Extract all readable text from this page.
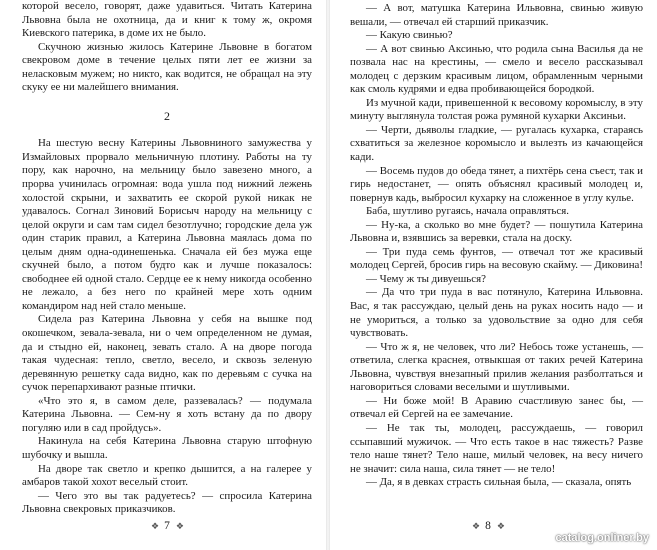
которой весело, говорят, даже удавиться. Читать Катерина Львовна была не охотница, да и книг к тому ж, окромя Киевского патерика, в доме их не было.

Скучною жизнью жилось Катерине Львовне в богатом свекровом доме в течение целых пяти лет ее жизни за неласковым мужем; но никто, как водится, не обращал на эту скуку ее ни малейшего внимания.

2

На шестую весну Катерины Львовниного замужества у Измайловых прорвало мельничную плотину. Работы на ту пору, как нарочно, на мельницу было завезено много, а прорва учинилась огромная: вода ушла под нижний лежень холостой скрыни, и захватить ее скорой рукой никак не удавалось. Согнал Зиновий Борисыч народу на мельницу с целой округи и сам там сидел безотлучно; городские дела уж один старик правил, а Катерина Львовна маялась дома по целым дням одна-одинешенька. Сначала ей без мужа еще скучней было, а потом будто как и лучше показалось: свободнее ей одной стало. Сердце ее к нему никогда особенно не лежало, а без него по крайней мере хоть одним командиром над ней стало меньше.

Сидела раз Катерина Львовна у себя на вышке под окошечком, зевала-зевала, ни о чем определенном не думая, да и стыдно ей, наконец, зевать стало. А на дворе погода такая чудесная: тепло, светло, весело, и сквозь зеленую деревянную решетку сада видно, как по деревьям с сучка на сучок перепархивают разные птички.

«Что это я, в самом деле, раззевалась? — подумала Катерина Львовна. — Сем-ну я хоть встану да по двору погуляю или в сад пройдусь».

Накинула на себя Катерина Львовна старую штофную шубочку и вышла.

На дворе так светло и крепко дышится, а на галерее у амбаров такой хохот веселый стоит.

— Чего это вы так радуетесь? — спросила Катерина Львовна свекровых приказчиков.

❖ 7 ❖

— А вот, матушка Катерина Ильвовна, свинью живую вешали, — отвечал ей старший приказчик.

— Какую свинью?

— А вот свинью Аксинью, что родила сына Василья да не позвала нас на крестины, — смело и весело рассказывал молодец с дерзким красивым лицом, обрамленным черными как смоль кудрями и едва пробивающейся бородкой.

Из мучной кади, привешенной к весовому коромыслу, в эту минуту выглянула толстая рожа румяной кухарки Аксиньи.

— Черти, дьяволы гладкие, — ругалась кухарка, стараясь схватиться за железное коромысло и вылезть из качающейся кади.

— Восемь пудов до обеда тянет, а пихтёрь сена съест, так и гирь недостанет, — опять объяснял красивый молодец и, повернув кадь, выбросил кухарку на сложенное в углу кулье.

Баба, шутливо ругаясь, начала оправляться.

— Ну-ка, а сколько во мне будет? — пошутила Катерина Львовна и, взявшись за веревки, стала на доску.

— Три пуда семь фунтов, — отвечал тот же красивый молодец Сергей, бросив гирь на весовую скайму. — Диковина!

— Чему ж ты дивуешься?

— Да что три пуда в вас потянуло, Катерина Ильвовна. Вас, я так рассуждаю, целый день на руках носить надо — и не умориться, а только за удовольствие за одно для себя чувствовать.

— Что ж я, не человек, что ли? Небось тоже устанешь, — ответила, слегка краснея, отвыкшая от таких речей Катерина Львовна, чувствуя внезапный прилив желания разболтаться и наговориться словами веселыми и шутливыми.

— Ни боже мой! В Аравию счастливую занес бы, — отвечал ей Сергей на ее замечание.

— Не так ты, молодец, рассуждаешь, — говорил ссыпавший мужичок. — Что есть такое в нас тяжесть? Разве тело наше тянет? Тело наше, милый человек, на весу ничего не значит: сила наша, сила тянет — не тело!

— Да, я в девках страсть сильная была, — сказала, опять

❖ 8 ❖
catalog.onliner.by
